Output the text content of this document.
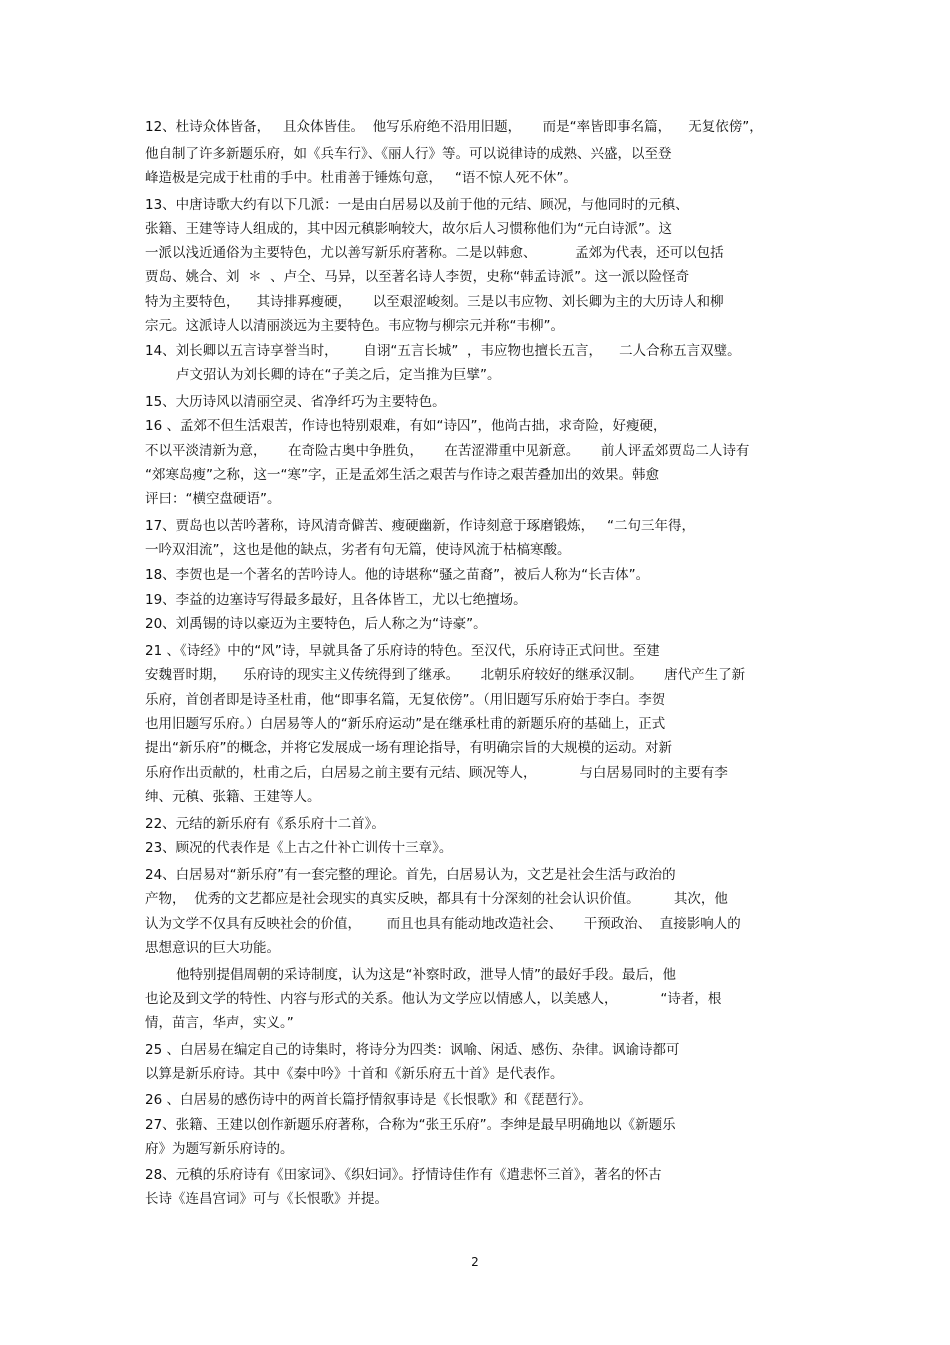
12、杜诗众体皆备，   且众体皆佳。  他写乐府绝不沿用旧题，     而是“率皆即事名篇，    无复依傍”，
他自制了许多新题乐府，如《兵车行》、《丽人行》等。可以说律诗的成熟、兴盛，以至登
峰造极是完成于杜甫的手中。杜甫善于锤炼句意，   “语不惊人死不休”。
13、中唐诗歌大约有以下几派：一是由白居易以及前于他的元结、顾况，与他同时的元稹、
张籍、王建等诗人组成的，其中因元稹影响较大，故尔后人习惯称他们为“元白诗派”。这
一派以浅近通俗为主要特色，尤以善写新乐府著称。二是以韩愈、         孟郊为代表，还可以包括
贾岛、姚合、刘  ＊  、卢仝、马异，以至著名诗人李贺，史称“韩孟诗派”。这一派以险怪奇
特为主要特色，    其诗排奡瘦硬，     以至艰涩峻刻。三是以韦应物、刘长卿为主的大历诗人和柳
宗元。这派诗人以清丽淡远为主要特色。韦应物与柳宗元并称“韦柳”。
14、刘长卿以五言诗享誉当时，      自诩“五言长城”  ，韦应物也擅长五言，    二人合称五言双璧。
卢文弨认为刘长卿的诗在“子美之后，定当推为巨擘”。
15、大历诗风以清丽空灵、省净纤巧为主要特色。
16 、孟郊不但生活艰苦，作诗也特别艰难，有如“诗囚”，他尚古拙，求奇险，好瘦硬，
不以平淡清新为意，     在奇险古奥中争胜负，     在苦涩滞重中见新意。     前人评孟郊贾岛二人诗有
“郊寒岛瘦”之称，这一“寒”字，正是孟郊生活之艰苦与作诗之艰苦叠加出的效果。韩愈
评曰：“横空盘硬语”。
17、贾岛也以苦吟著称，诗风清奇僻苦、瘦硬幽新，作诗刻意于琢磨锻炼，   “二句三年得，
一吟双泪流”，这也是他的缺点，劣者有句无篇，使诗风流于枯槁寒酸。
18、李贺也是一个著名的苦吟诗人。他的诗堪称“骚之苗裔”，被后人称为“长吉体”。
19、李益的边塞诗写得最多最好，且各体皆工，尤以七绝擅场。
20、刘禹锡的诗以豪迈为主要特色，后人称之为“诗豪”。
21 、《诗经》中的“风”诗，早就具备了乐府诗的特色。至汉代，乐府诗正式问世。至建
安魏晋时期，    乐府诗的现实主义传统得到了继承。     北朝乐府较好的继承汉制。     唐代产生了新
乐府，首创者即是诗圣杜甫，他“即事名篇，无复依傍”。（用旧题写乐府始于李白。李贺
也用旧题写乐府。）白居易等人的“新乐府运动”是在继承杜甫的新题乐府的基础上，正式
提出“新乐府”的概念，并将它发展成一场有理论指导，有明确宗旨的大规模的运动。对新
乐府作出贡献的，杜甫之后，白居易之前主要有元结、顾况等人，          与白居易同时的主要有李
绅、元稹、张籍、王建等人。
22、元结的新乐府有《系乐府十二首》。
23、顾况的代表作是《上古之什补亡训传十三章》。
24、白居易对“新乐府”有一套完整的理论。首先，白居易认为，文艺是社会生活与政治的
产物，  优秀的文艺都应是社会现实的真实反映，都具有十分深刻的社会认识价值。        其次，他
认为文学不仅具有反映社会的价值，      而且也具有能动地改造社会、     干预政治、  直接影响人的
思想意识的巨大功能。
他特别提倡周朝的采诗制度，认为这是“补察时政，泄导人情”的最好手段。最后，他
也论及到文学的特性、内容与形式的关系。他认为文学应以情感人，以美感人，          “诗者，根
情，苗言，华声，实义。”
25 、白居易在编定自己的诗集时，将诗分为四类：讽喻、闲适、感伤、杂律。讽谕诗都可
以算是新乐府诗。其中《秦中吟》十首和《新乐府五十首》是代表作。
26 、白居易的感伤诗中的两首长篇抒情叙事诗是《长恨歌》和《琵琶行》。
27、张籍、王建以创作新题乐府著称，合称为“张王乐府”。李绅是最早明确地以《新题乐
府》为题写新乐府诗的。
28、元稹的乐府诗有《田家词》、《织妇词》。抒情诗佳作有《遣悲怀三首》，著名的怀古
长诗《连昌宫词》可与《长恨歌》并提。
2
